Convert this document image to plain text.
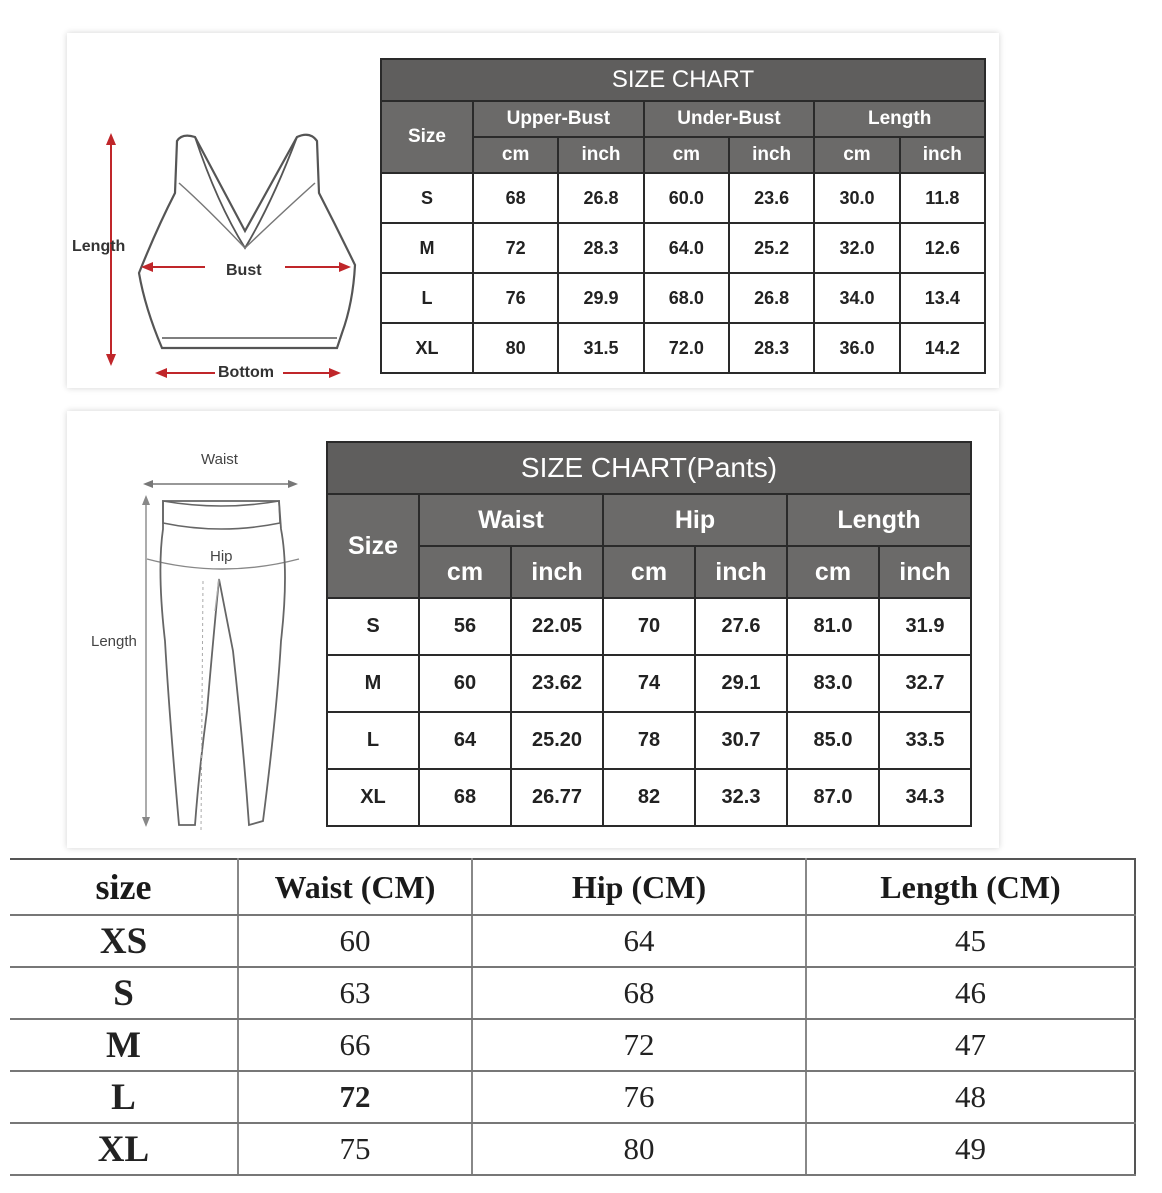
Length
Bust
Bottom
SIZE CHART						
Size	Upper-Bust		Under-Bust		Length	
	cm	inch	cm	inch	cm	inch
S	68	26.8	60.0	23.6	30.0	11.8
M	72	28.3	64.0	25.2	32.0	12.6
L	76	29.9	68.0	26.8	34.0	13.4
XL	80	31.5	72.0	28.3	36.0	14.2
Waist
Hip
Length
SIZE CHART(Pants)						
Size	Waist		Hip		Length	
	cm	inch	cm	inch	cm	inch
S	56	22.05	70	27.6	81.0	31.9
M	60	23.62	74	29.1	83.0	32.7
L	64	25.20	78	30.7	85.0	33.5
XL	68	26.77	82	32.3	87.0	34.3
size	Waist (CM)	Hip (CM)	Length (CM)
XS	60	64	45
S	63	68	46
M	66	72	47
L	72	76	48
XL	75	80	49
